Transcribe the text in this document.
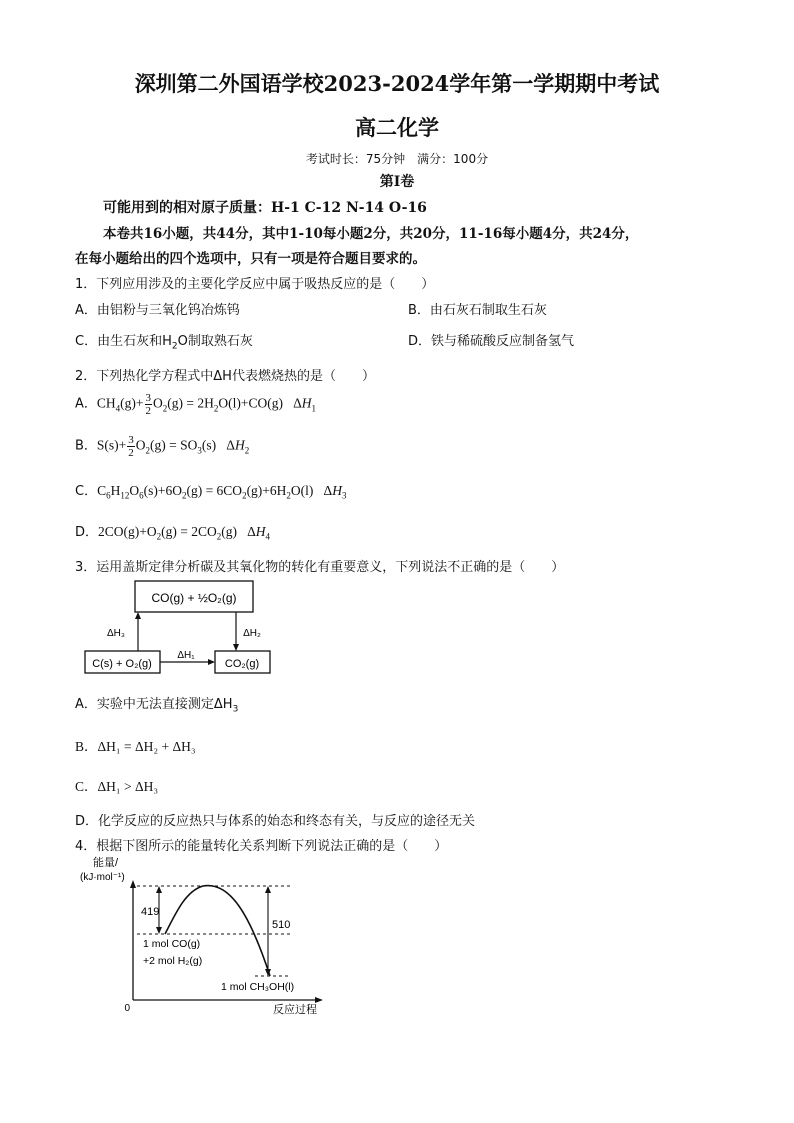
深圳第二外国语学校2023-2024学年第一学期期中考试
高二化学
考试时长：75分钟　满分：100分
第Ⅰ卷
可能用到的相对原子质量：H-1 C-12 N-14 O-16
本卷共16小题，共44分，其中1-10每小题2分，共20分，11-16每小题4分，共24分，
在每小题给出的四个选项中，只有一项是符合题目要求的。
1．下列应用涉及的主要化学反应中属于吸热反应的是（　　）
A．由铝粉与三氧化钨冶炼钨	B．由石灰石制取生石灰
C．由生石灰和$H_2O$制取熟石灰	D．铁与稀硫酸反应制备氢气
2．下列热化学方程式中ΔH代表燃烧热的是（　　）
A．$CH_4(g)+ \frac{3}{2} O_2(g) = 2H_2O(l)+CO(g)$   $\Delta H_1$
B．$S(s)+ \frac{3}{2} O_2(g) = SO_3(s)$   $\Delta H_2$
C．$C_6H_{12}O_6(s)+6O_2(g) = 6CO_2(g)+6H_2O(l)$   $\Delta H_3$
D．$2CO(g)+O_2(g) = 2CO_2(g)$   $\Delta H_4$
3．运用盖斯定律分析碳及其氧化物的转化有重要意义，下列说法不正确的是（　　）
CO(g) + ½O₂(g)
C(s) + O₂(g)	CO₂(g)
ΔH₃	ΔH₂
ΔH₁
A．实验中无法直接测定$\Delta H_3$
B．ΔH₁ = ΔH₂ + ΔH₃
C．ΔH₁ > ΔH₃
D．化学反应的反应热只与体系的始态和终态有关，与反应的途径无关
4．根据下图所示的能量转化关系判断下列说法正确的是（　　）
能量/
(kJ·mol⁻¹)
0	反应过程
419
510
1 mol CO(g)
+2 mol H₂(g)
1 mol CH₃OH(l)
